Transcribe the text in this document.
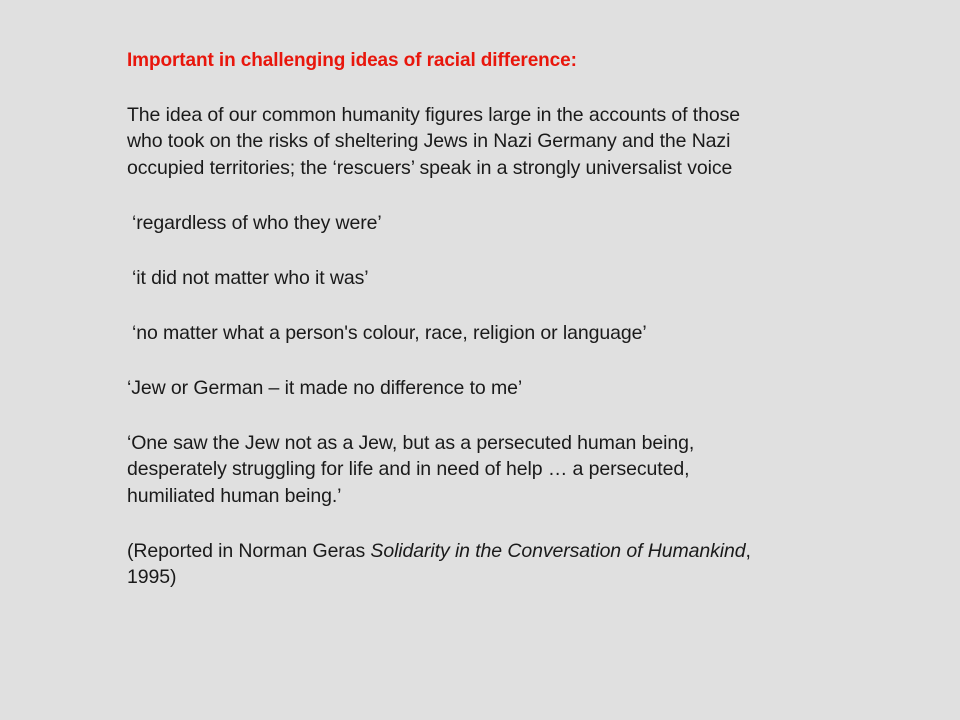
Important in challenging ideas of racial difference:

The idea of our common humanity figures large in the accounts of those
who took on the risks of sheltering Jews in Nazi Germany and the Nazi
occupied territories; the ‘rescuers’ speak in a strongly universalist voice

‘regardless of who they were’

‘it did not matter who it was’

‘no matter what a person's colour, race, religion or language’

‘Jew or German – it made no difference to me’

‘One saw the Jew not as a Jew, but as a persecuted human being,
desperately struggling for life and in need of help … a persecuted,
humiliated human being.’

(Reported in Norman Geras Solidarity in the Conversation of Humankind,
1995)
